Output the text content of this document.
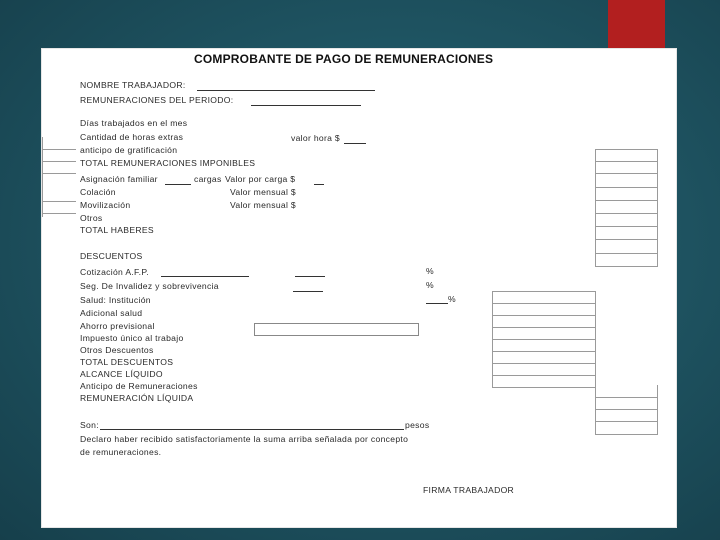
COMPROBANTE DE PAGO DE REMUNERACIONES
NOMBRE TRABAJADOR:
REMUNERACIONES DEL PERIODO:
Días trabajados en el mes
Cantidad de horas extras	valor hora $
anticipo de gratificación
TOTAL REMUNERACIONES IMPONIBLES
Asignación familiar	cargas Valor por carga $
Colación	Valor mensual $
Movilización	Valor mensual $
Otros
TOTAL HABERES
DESCUENTOS
Cotización A.F.P.	%
Seg. De Invalidez y sobrevivencia	%
Salud: Institución	%
Adicional salud
Ahorro previsional
Impuesto único al trabajo
Otros Descuentos
TOTAL DESCUENTOS
ALCANCE LÍQUIDO
Anticipo de Remuneraciones
REMUNERACIÓN LÍQUIDA
Son:	pesos
Declaro haber recibido satisfactoriamente la suma arriba señalada por concepto
de remuneraciones.
FIRMA TRABAJADOR
